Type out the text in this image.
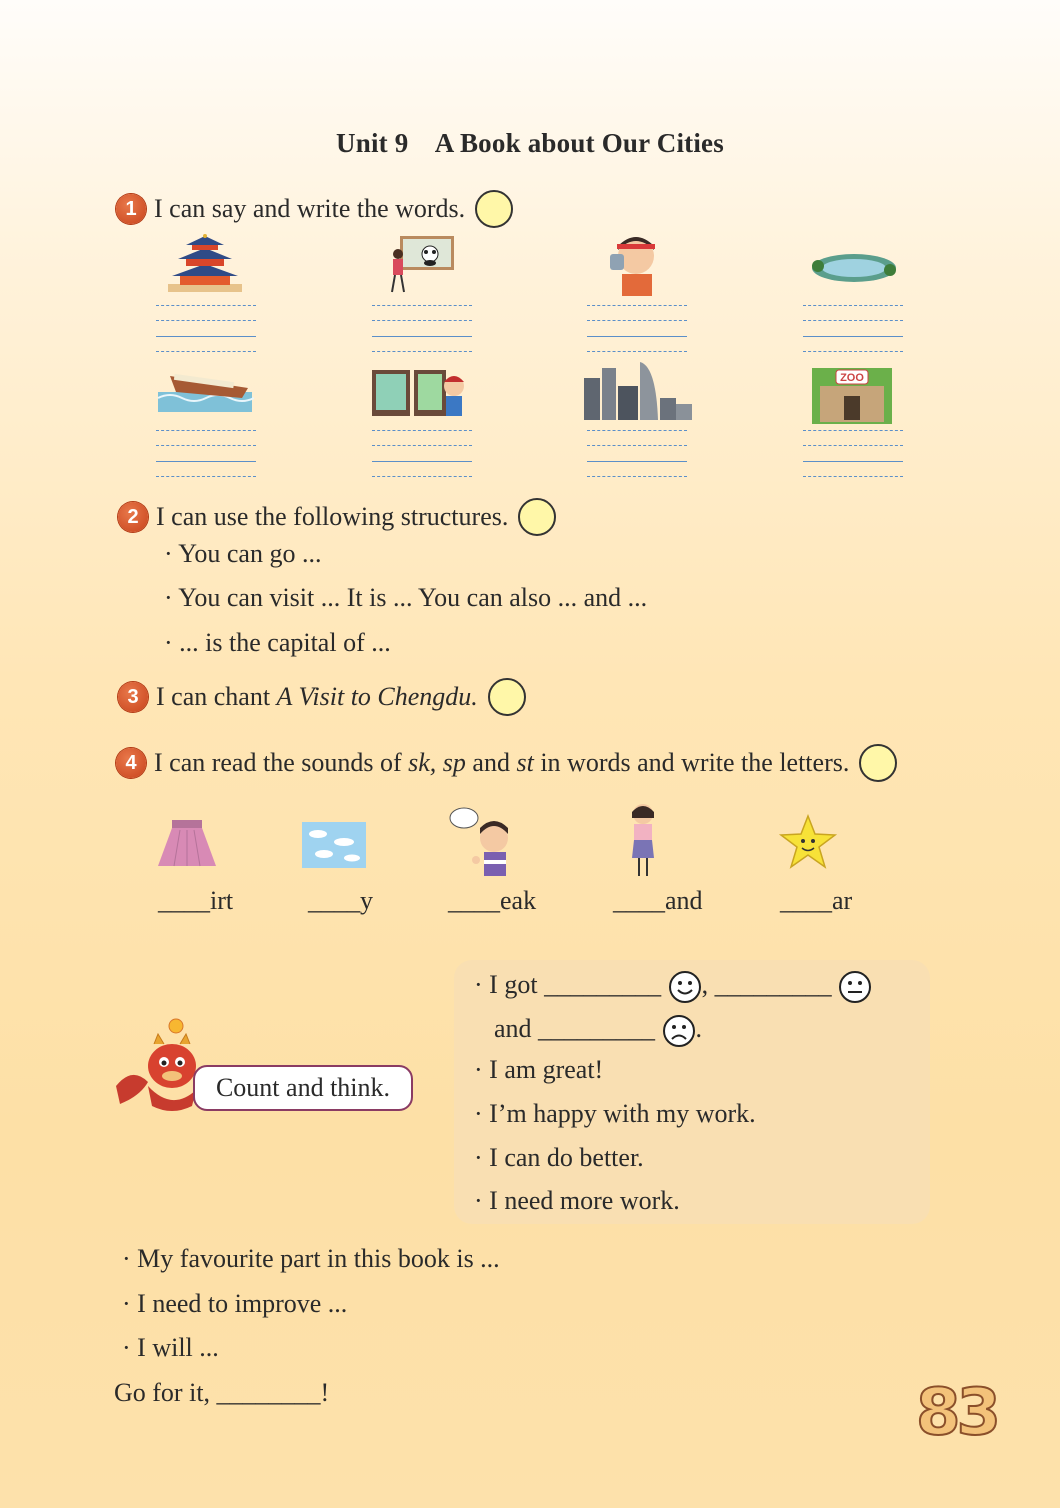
Unit 9    A Book about Our Cities
1 I can say and write the words.
ZOO
2 I can use the following structures.
· You can go ...
· You can visit ... It is ... You can also ... and ...
· ... is the capital of ...
3 I can chant A Visit to Chengdu.
4 I can read the sounds of sk, sp and st in words and write the letters.
____irt	____y	____eak	____and	____ar
· I got _________ , _________
and _________ .
· I am great!
· I’m happy with my work.
· I can do better.
· I need more work.
Count and think.
· My favourite part in this book is ...
· I need to improve ...
· I will ...
Go for it, ________!	83
